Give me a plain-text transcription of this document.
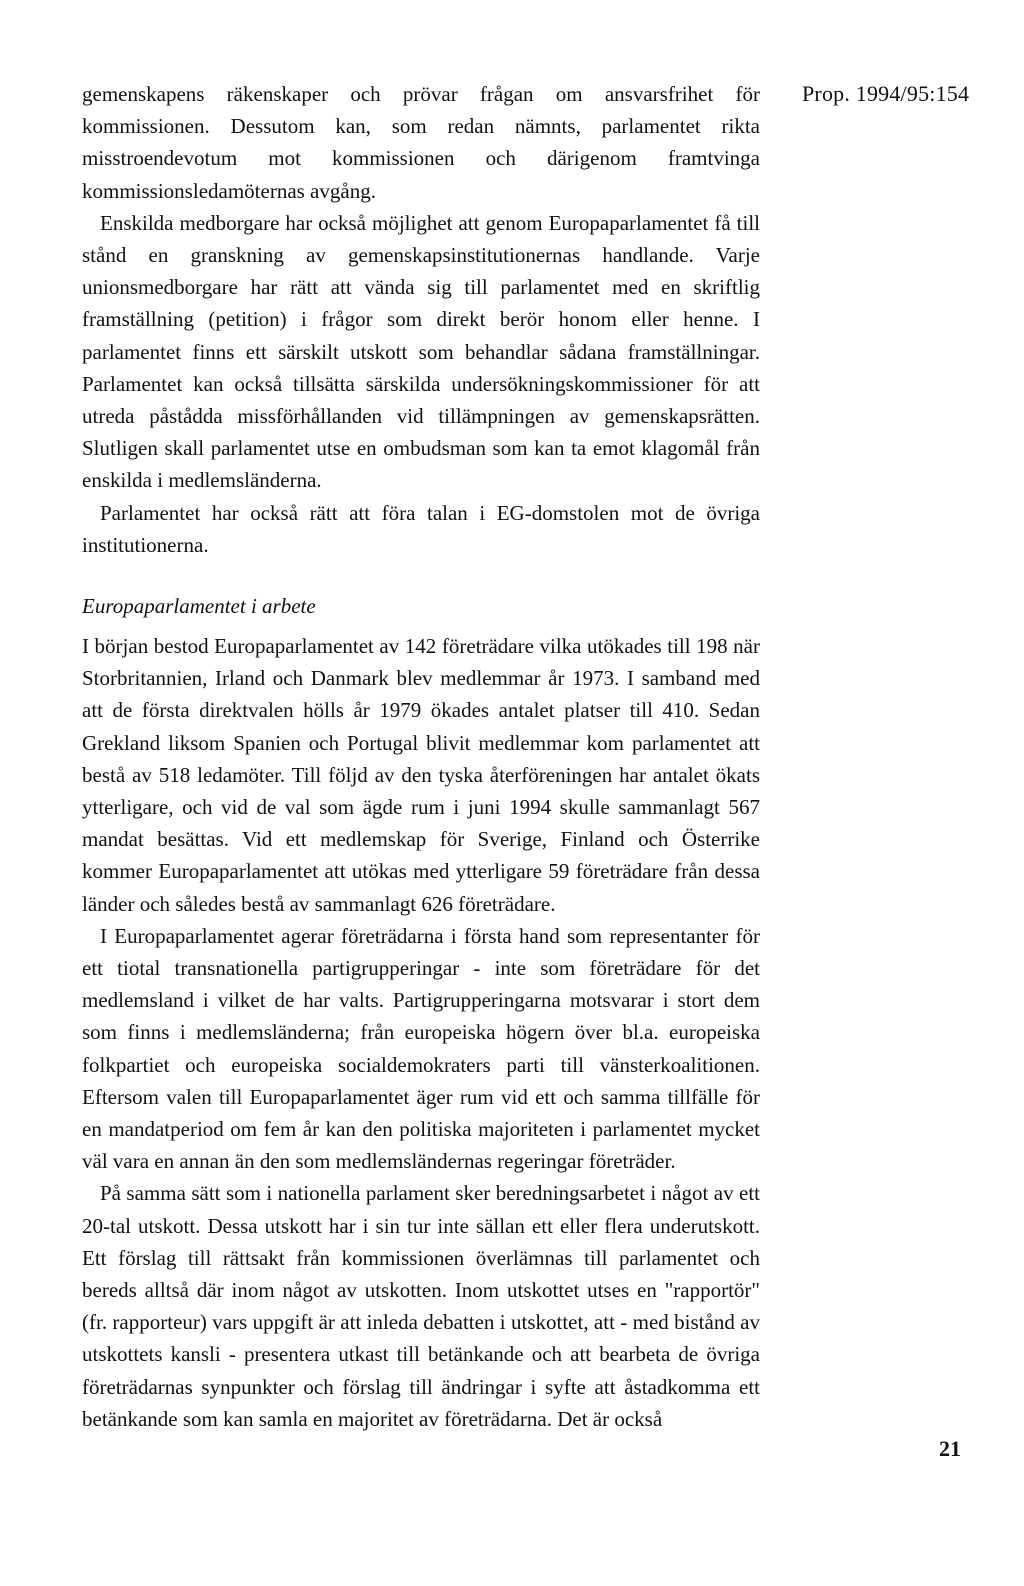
Prop. 1994/95:154

gemenskapens räkenskaper och prövar frågan om ansvarsfrihet för kommissionen. Dessutom kan, som redan nämnts, parlamentet rikta misstroendevotum mot kommissionen och därigenom framtvinga kommissionsledamöternas avgång.

Enskilda medborgare har också möjlighet att genom Europaparlamentet få till stånd en granskning av gemenskapsinstitutionernas handlande. Varje unionsmedborgare har rätt att vända sig till parlamentet med en skriftlig framställning (petition) i frågor som direkt berör honom eller henne. I parlamentet finns ett särskilt utskott som behandlar sådana framställningar. Parlamentet kan också tillsätta särskilda undersökningskommissioner för att utreda påstådda missförhållanden vid tillämpningen av gemenskapsrätten. Slutligen skall parlamentet utse en ombudsman som kan ta emot klagomål från enskilda i medlemsländerna.

Parlamentet har också rätt att föra talan i EG-domstolen mot de övriga institutionerna.

Europaparlamentet i arbete

I början bestod Europaparlamentet av 142 företrädare vilka utökades till 198 när Storbritannien, Irland och Danmark blev medlemmar år 1973. I samband med att de första direktvalen hölls år 1979 ökades antalet platser till 410. Sedan Grekland liksom Spanien och Portugal blivit medlemmar kom parlamentet att bestå av 518 ledamöter. Till följd av den tyska återföreningen har antalet ökats ytterligare, och vid de val som ägde rum i juni 1994 skulle sammanlagt 567 mandat besättas. Vid ett medlemskap för Sverige, Finland och Österrike kommer Europaparlamentet att utökas med ytterligare 59 företrädare från dessa länder och således bestå av sammanlagt 626 företrädare.

I Europaparlamentet agerar företrädarna i första hand som representanter för ett tiotal transnationella partigrupperingar - inte som företrädare för det medlemsland i vilket de har valts. Partigrupperingarna motsvarar i stort dem som finns i medlemsländerna; från europeiska högern över bl.a. europeiska folkpartiet och europeiska socialdemokraters parti till vänsterkoalitionen. Eftersom valen till Europaparlamentet äger rum vid ett och samma tillfälle för en mandatperiod om fem år kan den politiska majoriteten i parlamentet mycket väl vara en annan än den som medlemsländernas regeringar företräder.

På samma sätt som i nationella parlament sker beredningsarbetet i något av ett 20-tal utskott. Dessa utskott har i sin tur inte sällan ett eller flera underutskott. Ett förslag till rättsakt från kommissionen överlämnas till parlamentet och bereds alltså där inom något av utskotten. Inom utskottet utses en "rapportör" (fr. rapporteur) vars uppgift är att inleda debatten i utskottet, att - med bistånd av utskottets kansli - presentera utkast till betänkande och att bearbeta de övriga företrädarnas synpunkter och förslag till ändringar i syfte att åstadkomma ett betänkande som kan samla en majoritet av företrädarna. Det är också

21
